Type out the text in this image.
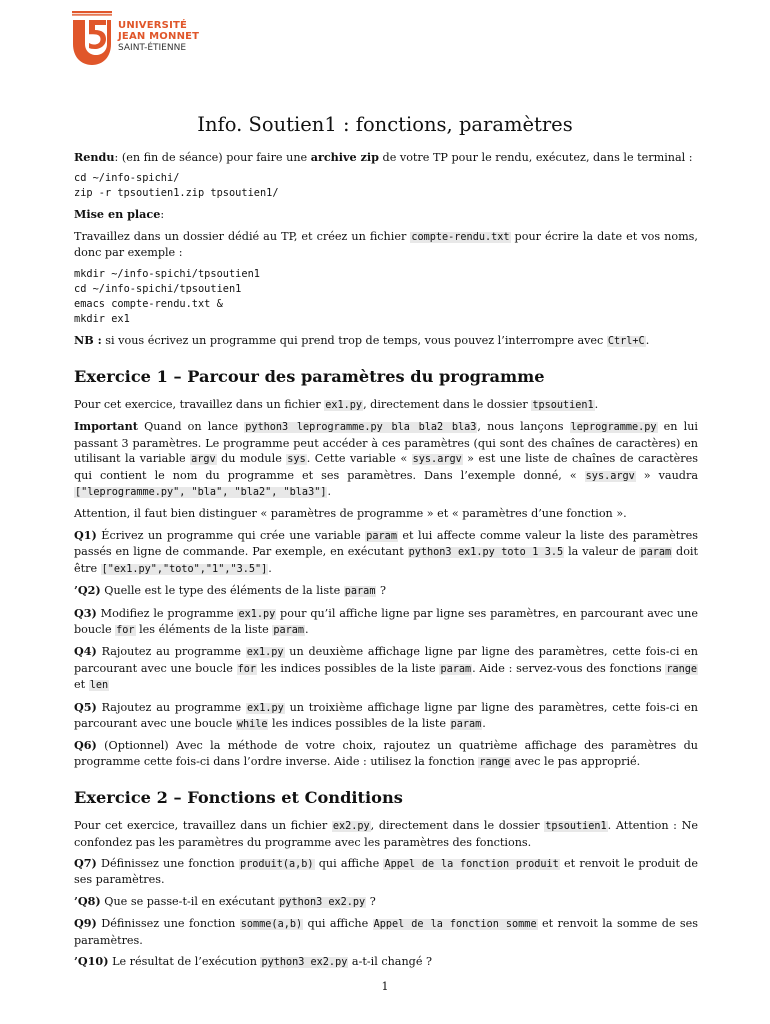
UNIVERSITÉ
JEAN MONNET
SAINT-ÉTIENNE
Info. Soutien1 : fonctions, paramètres

Rendu: (en fin de séance) pour faire une archive zip de votre TP pour le rendu, exécutez, dans le terminal :

cd ~/info-spichi/
zip -r tpsoutien1.zip tpsoutien1/

Mise en place:

Travaillez dans un dossier dédié au TP, et créez un fichier compte-rendu.txt pour écrire la date et vos noms, donc par exemple :

mkdir ~/info-spichi/tpsoutien1
cd ~/info-spichi/tpsoutien1
emacs compte-rendu.txt &
mkdir ex1

NB : si vous écrivez un programme qui prend trop de temps, vous pouvez l’interrompre avec Ctrl+C.

Exercice 1 – Parcour des paramètres du programme

Pour cet exercice, travaillez dans un fichier ex1.py, directement dans le dossier tpsoutien1.

Important Quand on lance python3 leprogramme.py bla bla2 bla3, nous lançons leprogramme.py en lui passant 3 paramètres. Le programme peut accéder à ces paramètres (qui sont des chaînes de caractères) en utilisant la variable argv du module sys. Cette variable « sys.argv » est une liste de chaînes de caractères qui contient le nom du programme et ses paramètres. Dans l’exemple donné, « sys.argv » vaudra ["leprogramme.py", "bla", "bla2", "bla3"].

Attention, il faut bien distinguer « paramètres de programme » et « paramètres d’une fonction ».

Q1) Écrivez un programme qui crée une variable param et lui affecte comme valeur la liste des paramètres passés en ligne de commande. Par exemple, en exécutant python3 ex1.py toto 1 3.5 la valeur de param doit être ["ex1.py","toto","1","3.5"].

’Q2) Quelle est le type des éléments de la liste param ?

Q3) Modifiez le programme ex1.py pour qu’il affiche ligne par ligne ses paramètres, en parcourant avec une boucle for les éléments de la liste param.

Q4) Rajoutez au programme ex1.py un deuxième affichage ligne par ligne des paramètres, cette fois-ci en parcourant avec une boucle for les indices possibles de la liste param. Aide : servez-vous des fonctions range et len

Q5) Rajoutez au programme ex1.py un troixième affichage ligne par ligne des paramètres, cette fois-ci en parcourant avec une boucle while les indices possibles de la liste param.

Q6) (Optionnel) Avec la méthode de votre choix, rajoutez un quatrième affichage des paramètres du programme cette fois-ci dans l’ordre inverse. Aide : utilisez la fonction range avec le pas approprié.

Exercice 2 – Fonctions et Conditions

Pour cet exercice, travaillez dans un fichier ex2.py, directement dans le dossier tpsoutien1. Attention : Ne confondez pas les paramètres du programme avec les paramètres des fonctions.

Q7) Définissez une fonction produit(a,b) qui affiche Appel de la fonction produit et renvoit le produit de ses paramètres.

’Q8) Que se passe-t-il en exécutant python3 ex2.py ?

Q9) Définissez une fonction somme(a,b) qui affiche Appel de la fonction somme et renvoit la somme de ses paramètres.

’Q10) Le résultat de l’exécution python3 ex2.py a-t-il changé ?

1
